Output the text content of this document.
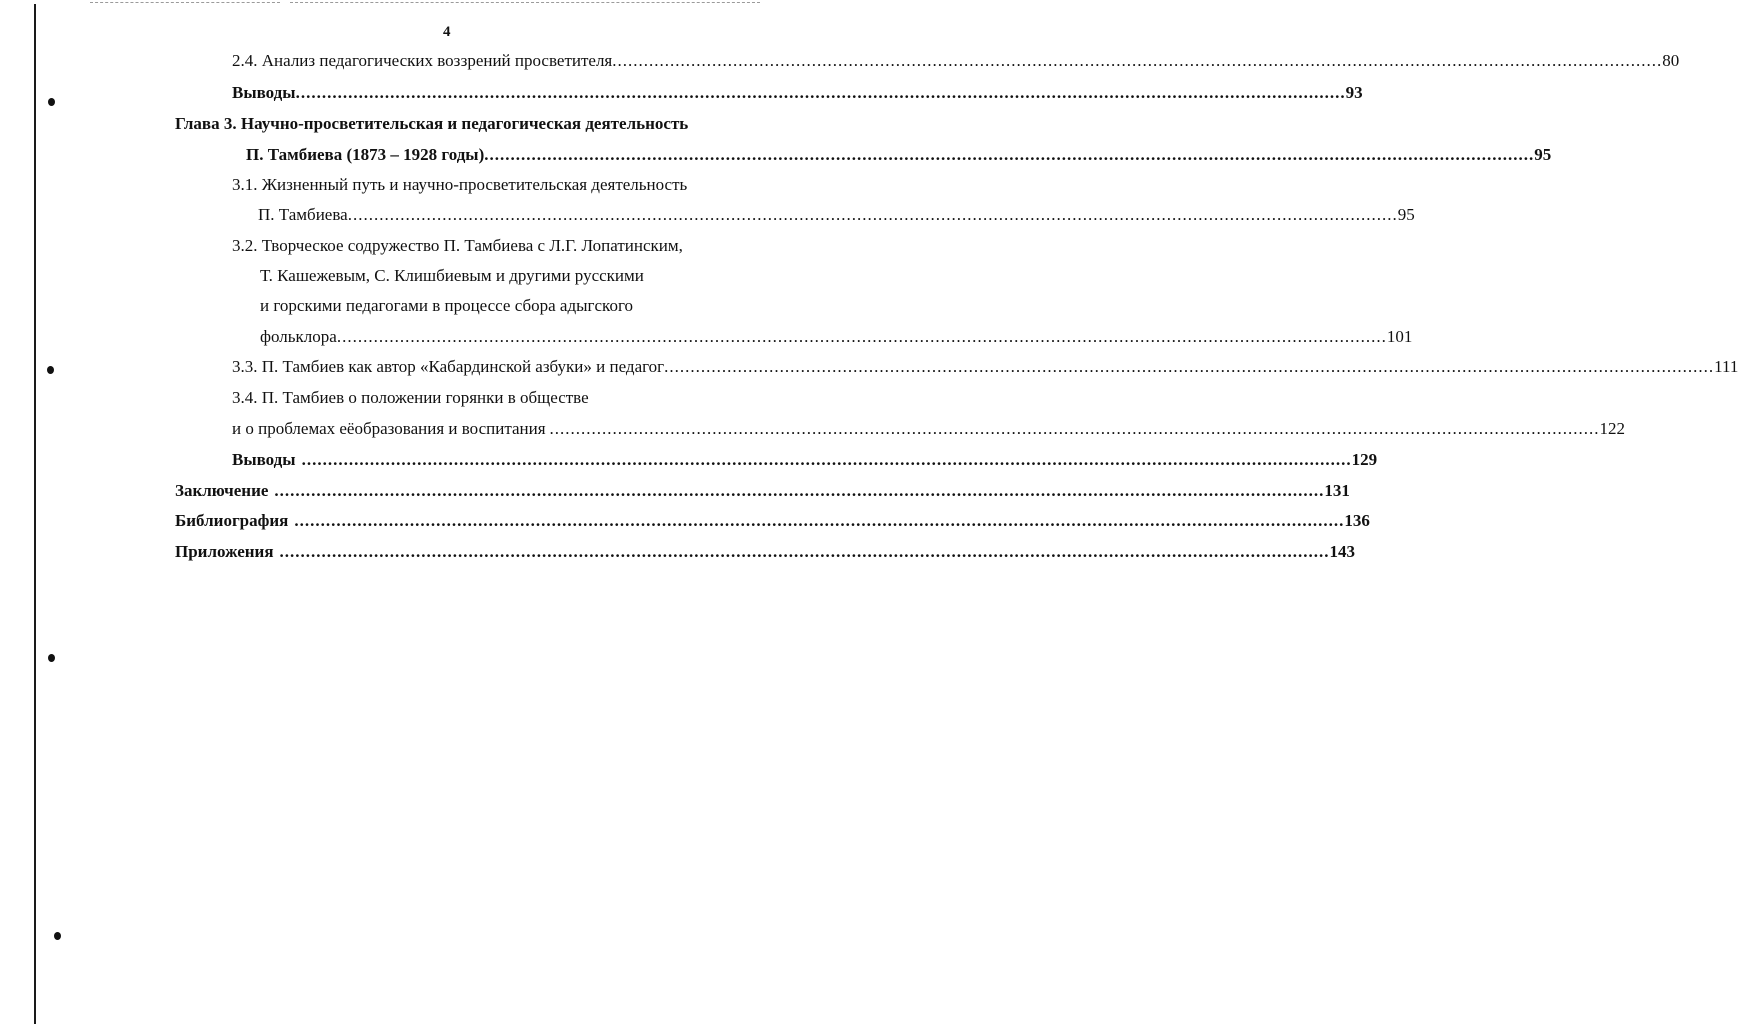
4
2.4. Анализ педагогических воззрений просветителя ........................................................................................................................................................................................................ 80
Выводы ........................................................................................................................................................................................................ 93
Глава 3. Научно-просветительская и педагогическая деятельность
П. Тамбиева (1873 – 1928 годы) ........................................................................................................................................................................................................ 95
3.1. Жизненный путь и научно-просветительская деятельность
П. Тамбиева ........................................................................................................................................................................................................ 95
3.2. Творческое содружество П. Тамбиева с Л.Г. Лопатинским,
Т. Кашежевым, С. Клишбиевым и другими русскими
и горскими педагогами в процессе сбора адыгского
фольклора ........................................................................................................................................................................................................ 101
3.3. П. Тамбиев как автор «Кабардинской азбуки» и педагог ........................................................................................................................................................................................................ 111
3.4. П. Тамбиев о положении горянки в обществе
и о проблемах её образования и воспитания ........................................................................................................................................................................................................ 122
Выводы ........................................................................................................................................................................................................ 129
Заключение ........................................................................................................................................................................................................ 131
Библиография ........................................................................................................................................................................................................ 136
Приложения ........................................................................................................................................................................................................ 143
